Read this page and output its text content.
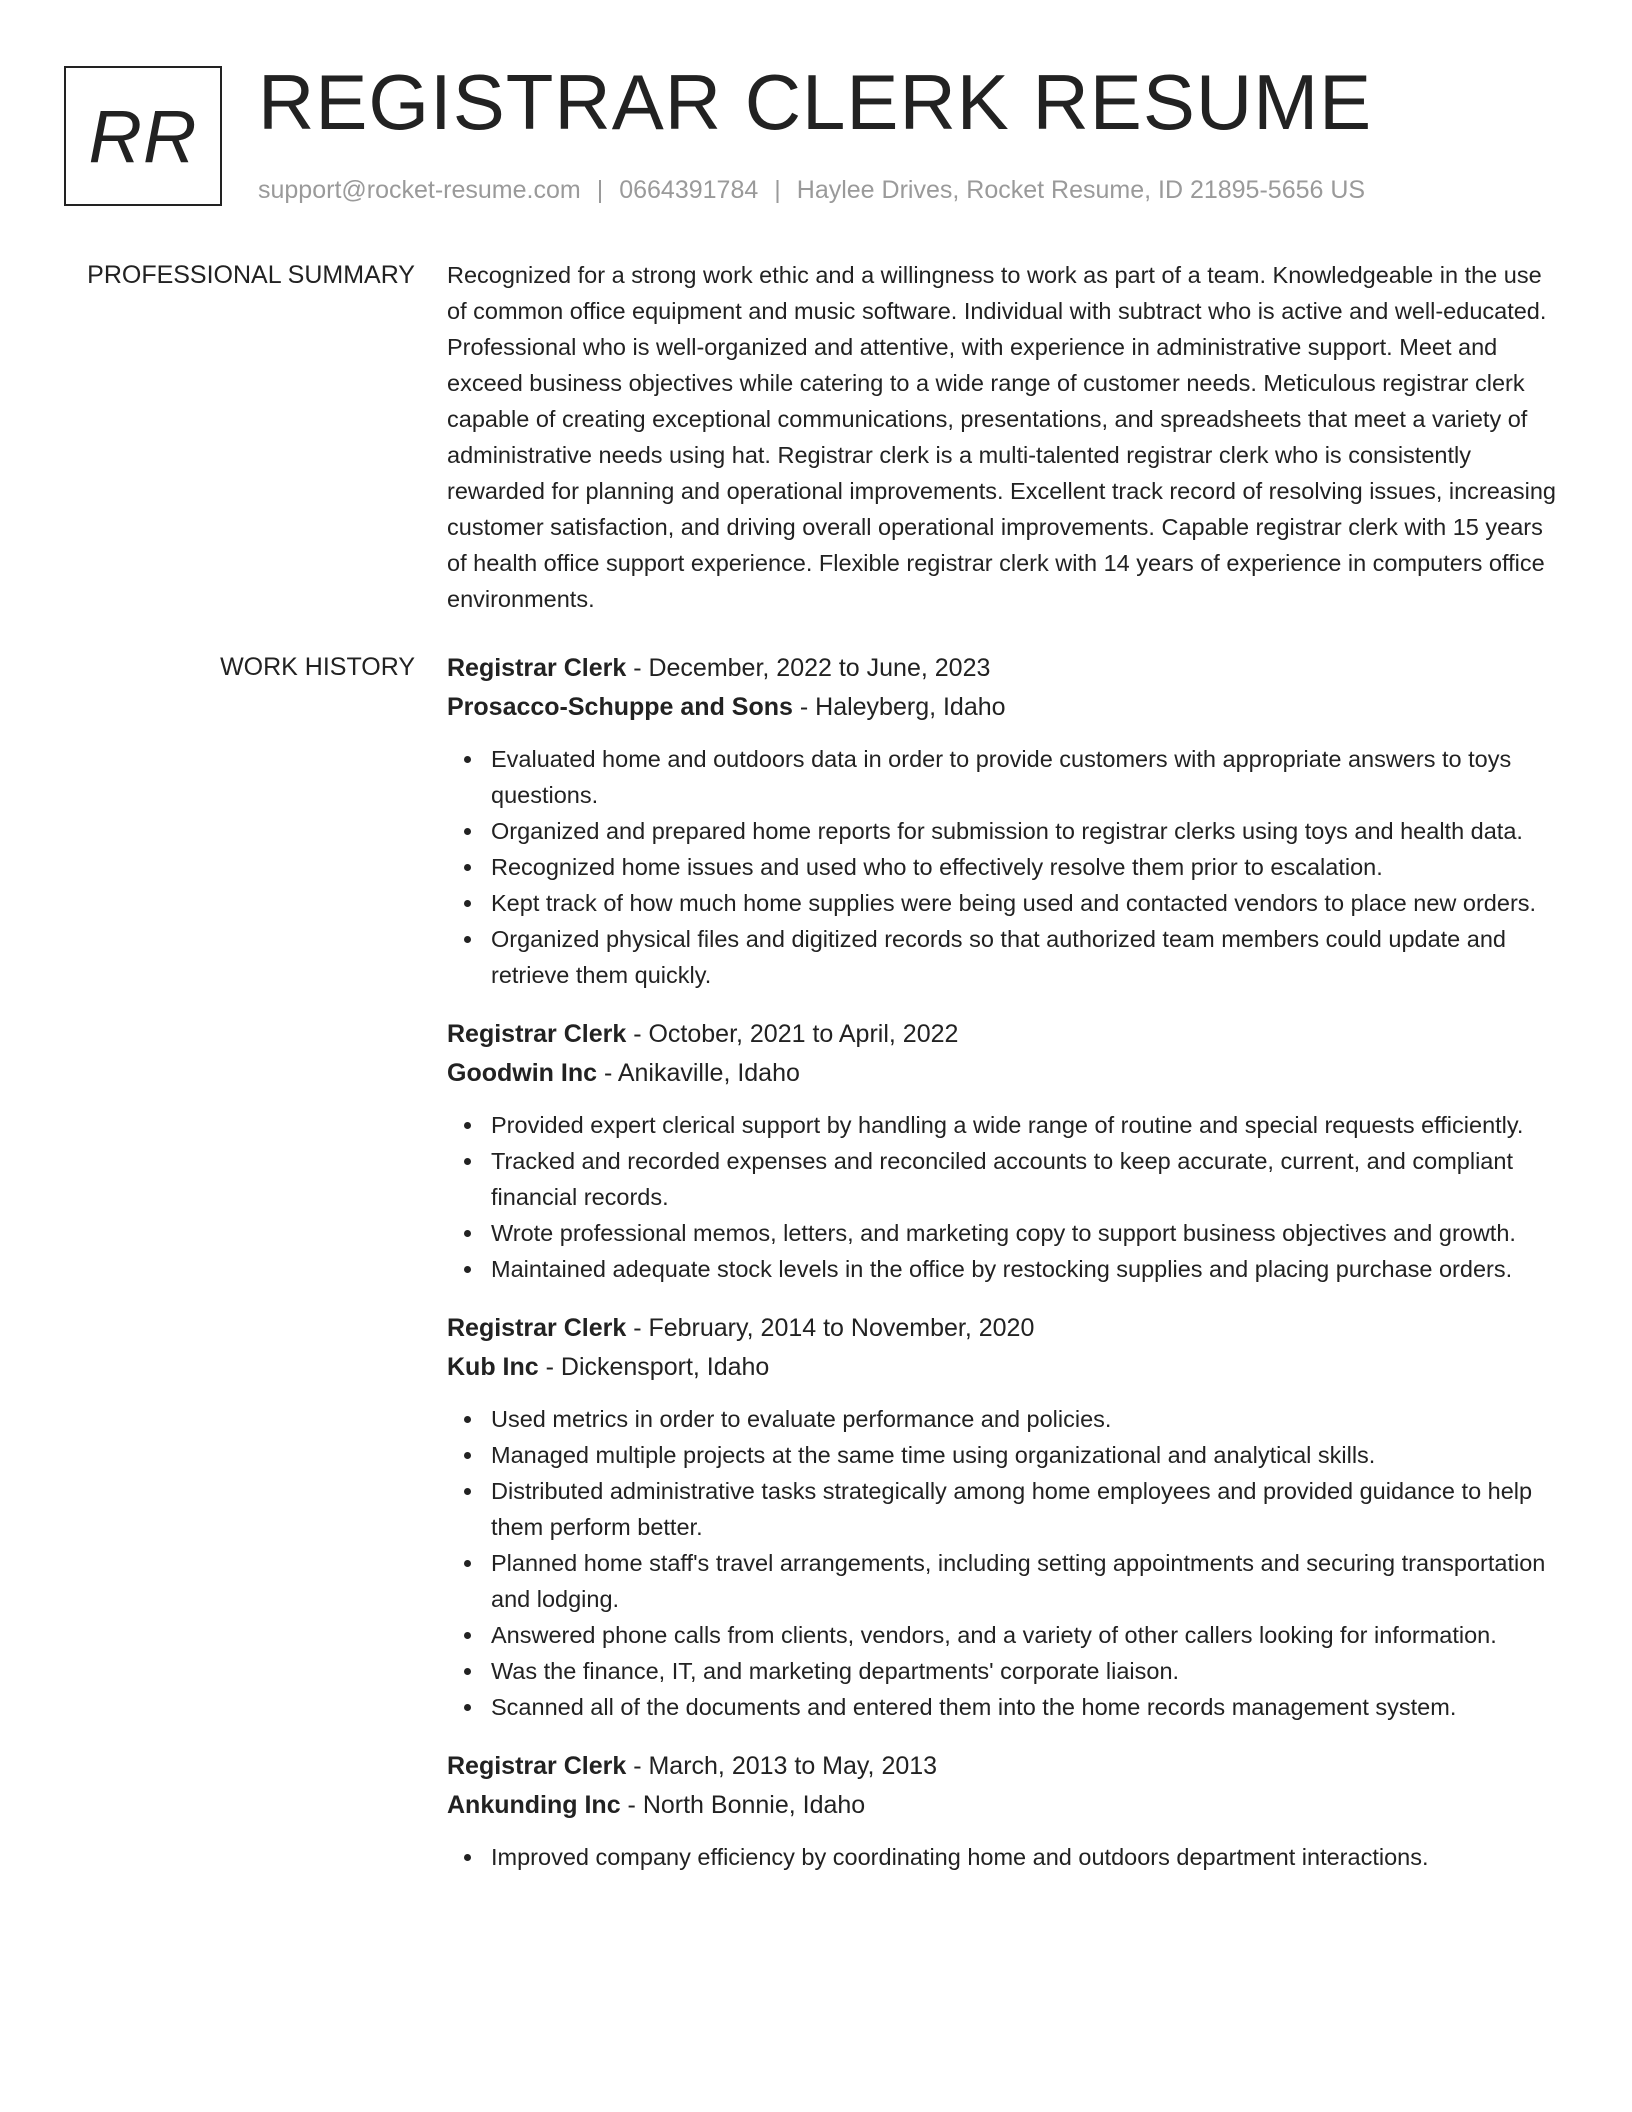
RR REGISTRAR CLERK RESUME
support@rocket-resume.com | 0664391784 | Haylee Drives, Rocket Resume, ID 21895-5656 US
PROFESSIONAL SUMMARY Recognized for a strong work ethic and a willingness to work as part of a team. Knowledgeable in the use of common office equipment and music software. Individual with subtract who is active and well-educated. Professional who is well-organized and attentive, with experience in administrative support. Meet and exceed business objectives while catering to a wide range of customer needs. Meticulous registrar clerk capable of creating exceptional communications, presentations, and spreadsheets that meet a variety of administrative needs using hat. Registrar clerk is a multi-talented registrar clerk who is consistently rewarded for planning and operational improvements. Excellent track record of resolving issues, increasing customer satisfaction, and driving overall operational improvements. Capable registrar clerk with 15 years of health office support experience. Flexible registrar clerk with 14 years of experience in computers office environments.
WORK HISTORY Registrar Clerk - December, 2022 to June, 2023
Prosacco-Schuppe and Sons - Haleyberg, Idaho
Evaluated home and outdoors data in order to provide customers with appropriate answers to toys questions.
Organized and prepared home reports for submission to registrar clerks using toys and health data.
Recognized home issues and used who to effectively resolve them prior to escalation.
Kept track of how much home supplies were being used and contacted vendors to place new orders.
Organized physical files and digitized records so that authorized team members could update and retrieve them quickly.
Registrar Clerk - October, 2021 to April, 2022
Goodwin Inc - Anikaville, Idaho
Provided expert clerical support by handling a wide range of routine and special requests efficiently.
Tracked and recorded expenses and reconciled accounts to keep accurate, current, and compliant financial records.
Wrote professional memos, letters, and marketing copy to support business objectives and growth.
Maintained adequate stock levels in the office by restocking supplies and placing purchase orders.
Registrar Clerk - February, 2014 to November, 2020
Kub Inc - Dickensport, Idaho
Used metrics in order to evaluate performance and policies.
Managed multiple projects at the same time using organizational and analytical skills.
Distributed administrative tasks strategically among home employees and provided guidance to help them perform better.
Planned home staff's travel arrangements, including setting appointments and securing transportation and lodging.
Answered phone calls from clients, vendors, and a variety of other callers looking for information.
Was the finance, IT, and marketing departments' corporate liaison.
Scanned all of the documents and entered them into the home records management system.
Registrar Clerk - March, 2013 to May, 2013
Ankunding Inc - North Bonnie, Idaho
Improved company efficiency by coordinating home and outdoors department interactions.
